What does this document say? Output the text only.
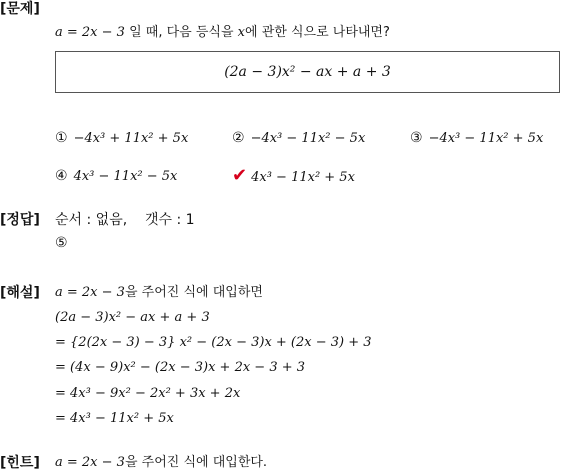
[문제]
a = 2x − 3 일 때, 다음 등식을 x에 관한 식으로 나타내면?
(2a − 3)x² − ax + a + 3
① −4x³ + 11x² + 5x	② −4x³ − 11x² − 5x	③ −4x³ − 11x² + 5x
④ 4x³ − 11x² − 5x	✔ 4x³ − 11x² + 5x
[정답] 순서 : 없음, 갯수 : 1
⑤
[해설] a = 2x − 3을 주어진 식에 대입하면
(2a − 3)x² − ax + a + 3
= {2(2x − 3) − 3} x² − (2x − 3)x + (2x − 3) + 3
= (4x − 9)x² − (2x − 3)x + 2x − 3 + 3
= 4x³ − 9x² − 2x² + 3x + 2x
= 4x³ − 11x² + 5x
[힌트] a = 2x − 3을 주어진 식에 대입한다.
